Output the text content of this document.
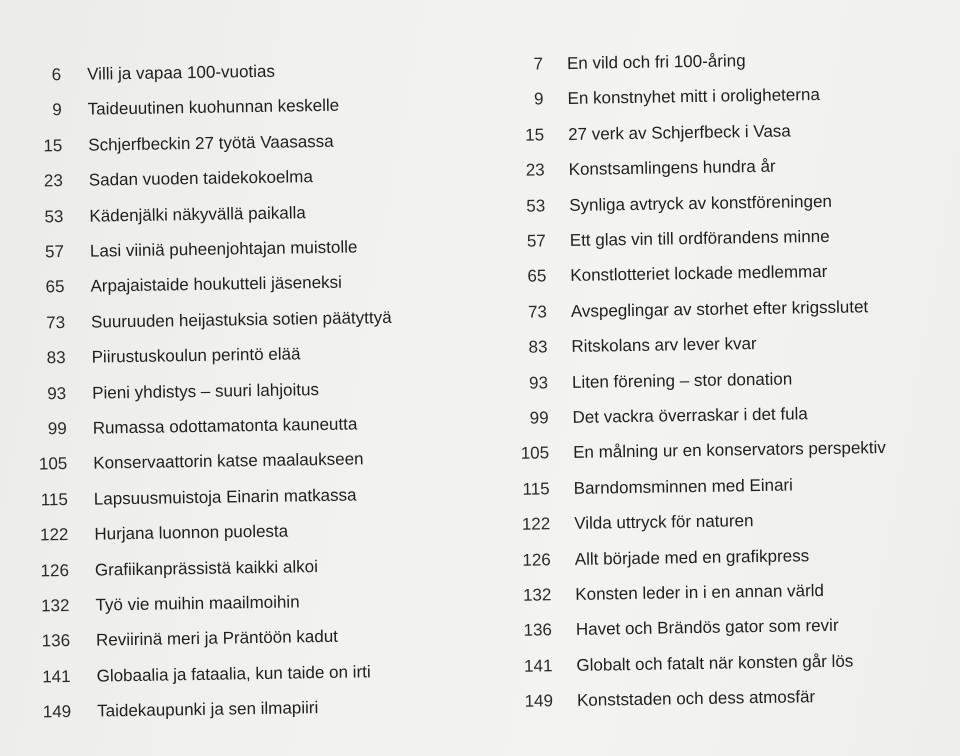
6 Villi ja vapaa 100-vuotias
9 Taideuutinen kuohunnan keskelle
15 Schjerfbeckin 27 työtä Vaasassa
23 Sadan vuoden taidekokoelma
53 Kädenjälki näkyvällä paikalla
57 Lasi viiniä puheenjohtajan muistolle
65 Arpajaistaide houkutteli jäseneksi
73 Suuruuden heijastuksia sotien päätyttyä
83 Piirustuskoulun perintö elää
93 Pieni yhdistys – suuri lahjoitus
99 Rumassa odottamatonta kauneutta
105 Konservaattorin katse maalaukseen
115 Lapsuusmuistoja Einarin matkassa
122 Hurjana luonnon puolesta
126 Grafiikanprässistä kaikki alkoi
132 Työ vie muihin maailmoihin
136 Reviirinä meri ja Präntöön kadut
141 Globaalia ja fataalia, kun taide on irti
149 Taidekaupunki ja sen ilmapiiri
7 En vild och fri 100-åring
9 En konstnyhet mitt i oroligheterna
15 27 verk av Schjerfbeck i Vasa
23 Konstsamlingens hundra år
53 Synliga avtryck av konstföreningen
57 Ett glas vin till ordförandens minne
65 Konstlotteriet lockade medlemmar
73 Avspeglingar av storhet efter krigsslutet
83 Ritskolans arv lever kvar
93 Liten förening – stor donation
99 Det vackra överraskar i det fula
105 En målning ur en konservators perspektiv
115 Barndomsminnen med Einari
122 Vilda uttryck för naturen
126 Allt började med en grafikpress
132 Konsten leder in i en annan värld
136 Havet och Brändös gator som revir
141 Globalt och fatalt när konsten går lös
149 Konststaden och dess atmosfär
